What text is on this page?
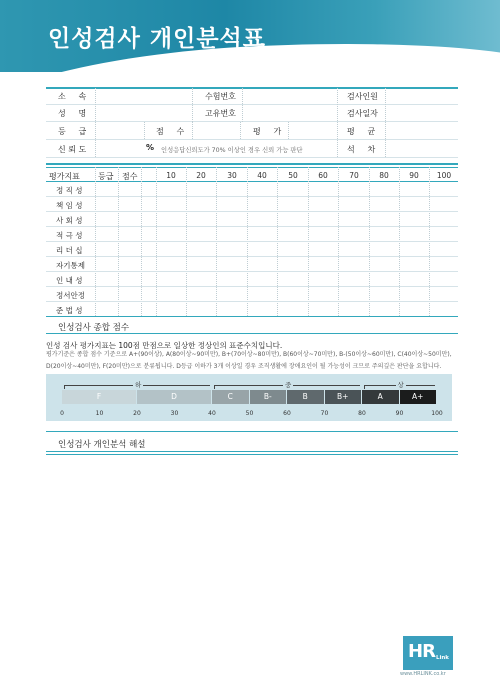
인성검사 개인분석표
소     속	수험번호	검사인원
성     명	고유번호	검사일자
등     급	점     수	평     가	평     균
신 뢰 도	% 인성응답신뢰도가 70% 이상인 경우 신뢰 가능 판단	석     차
평가지표 등급 점수	10	20	30	40	50	60	70	80	90 100
정 직 성
책 임 성
사 회 성
적 극 성
리 더 십
자기통제
인 내 성
정서안정
준 법 성
인성검사 종합 점수
인성 검사 평가지표는 100점 만점으로 일상한 정상인의 표준수치입니다.
평가기준은 종합 점수 기준으로 A+(90이상), A(80이상~90미만), B+(70이상~80미만), B(60이상~70미만), B-(50이상~60미만), C(40이상~50미만),
D(20이상~40미만), F(20미만)으로 분류됩니다. D등급 이하가 3개 이상일 경우 조직생활에 장애요인이 될 가능성이 크므로 주의깊은 판단을 요합니다.
F	D	C	B-	B	B+	A	A+
하	중	상
0	10	20	30	40	50	60	70	80	90	100
인성검사 개인분석 해설
HR Link
www.HRLINK.co.kr
